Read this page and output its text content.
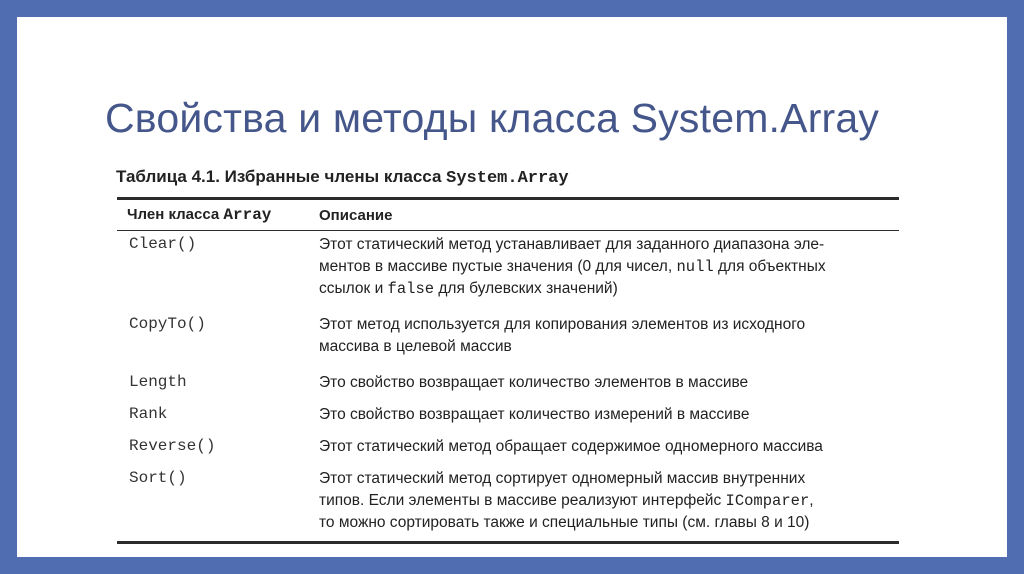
Свойства и методы класса System.Array
Таблица 4.1. Избранные члены класса System.Array
Член класса Array	Описание
Clear()	Этот статический метод устанавливает для заданного диапазона эле-
ментов в массиве пустые значения (0 для чисел, null для объектных
ссылок и false для булевских значений)
CopyTo()	Этот метод используется для копирования элементов из исходного
массива в целевой массив
Length	Это свойство возвращает количество элементов в массиве
Rank	Это свойство возвращает количество измерений в массиве
Reverse()	Этот статический метод обращает содержимое одномерного массива
Sort()	Этот статический метод сортирует одномерный массив внутренних
типов. Если элементы в массиве реализуют интерфейс IComparer,
то можно сортировать также и специальные типы (см. главы 8 и 10)
